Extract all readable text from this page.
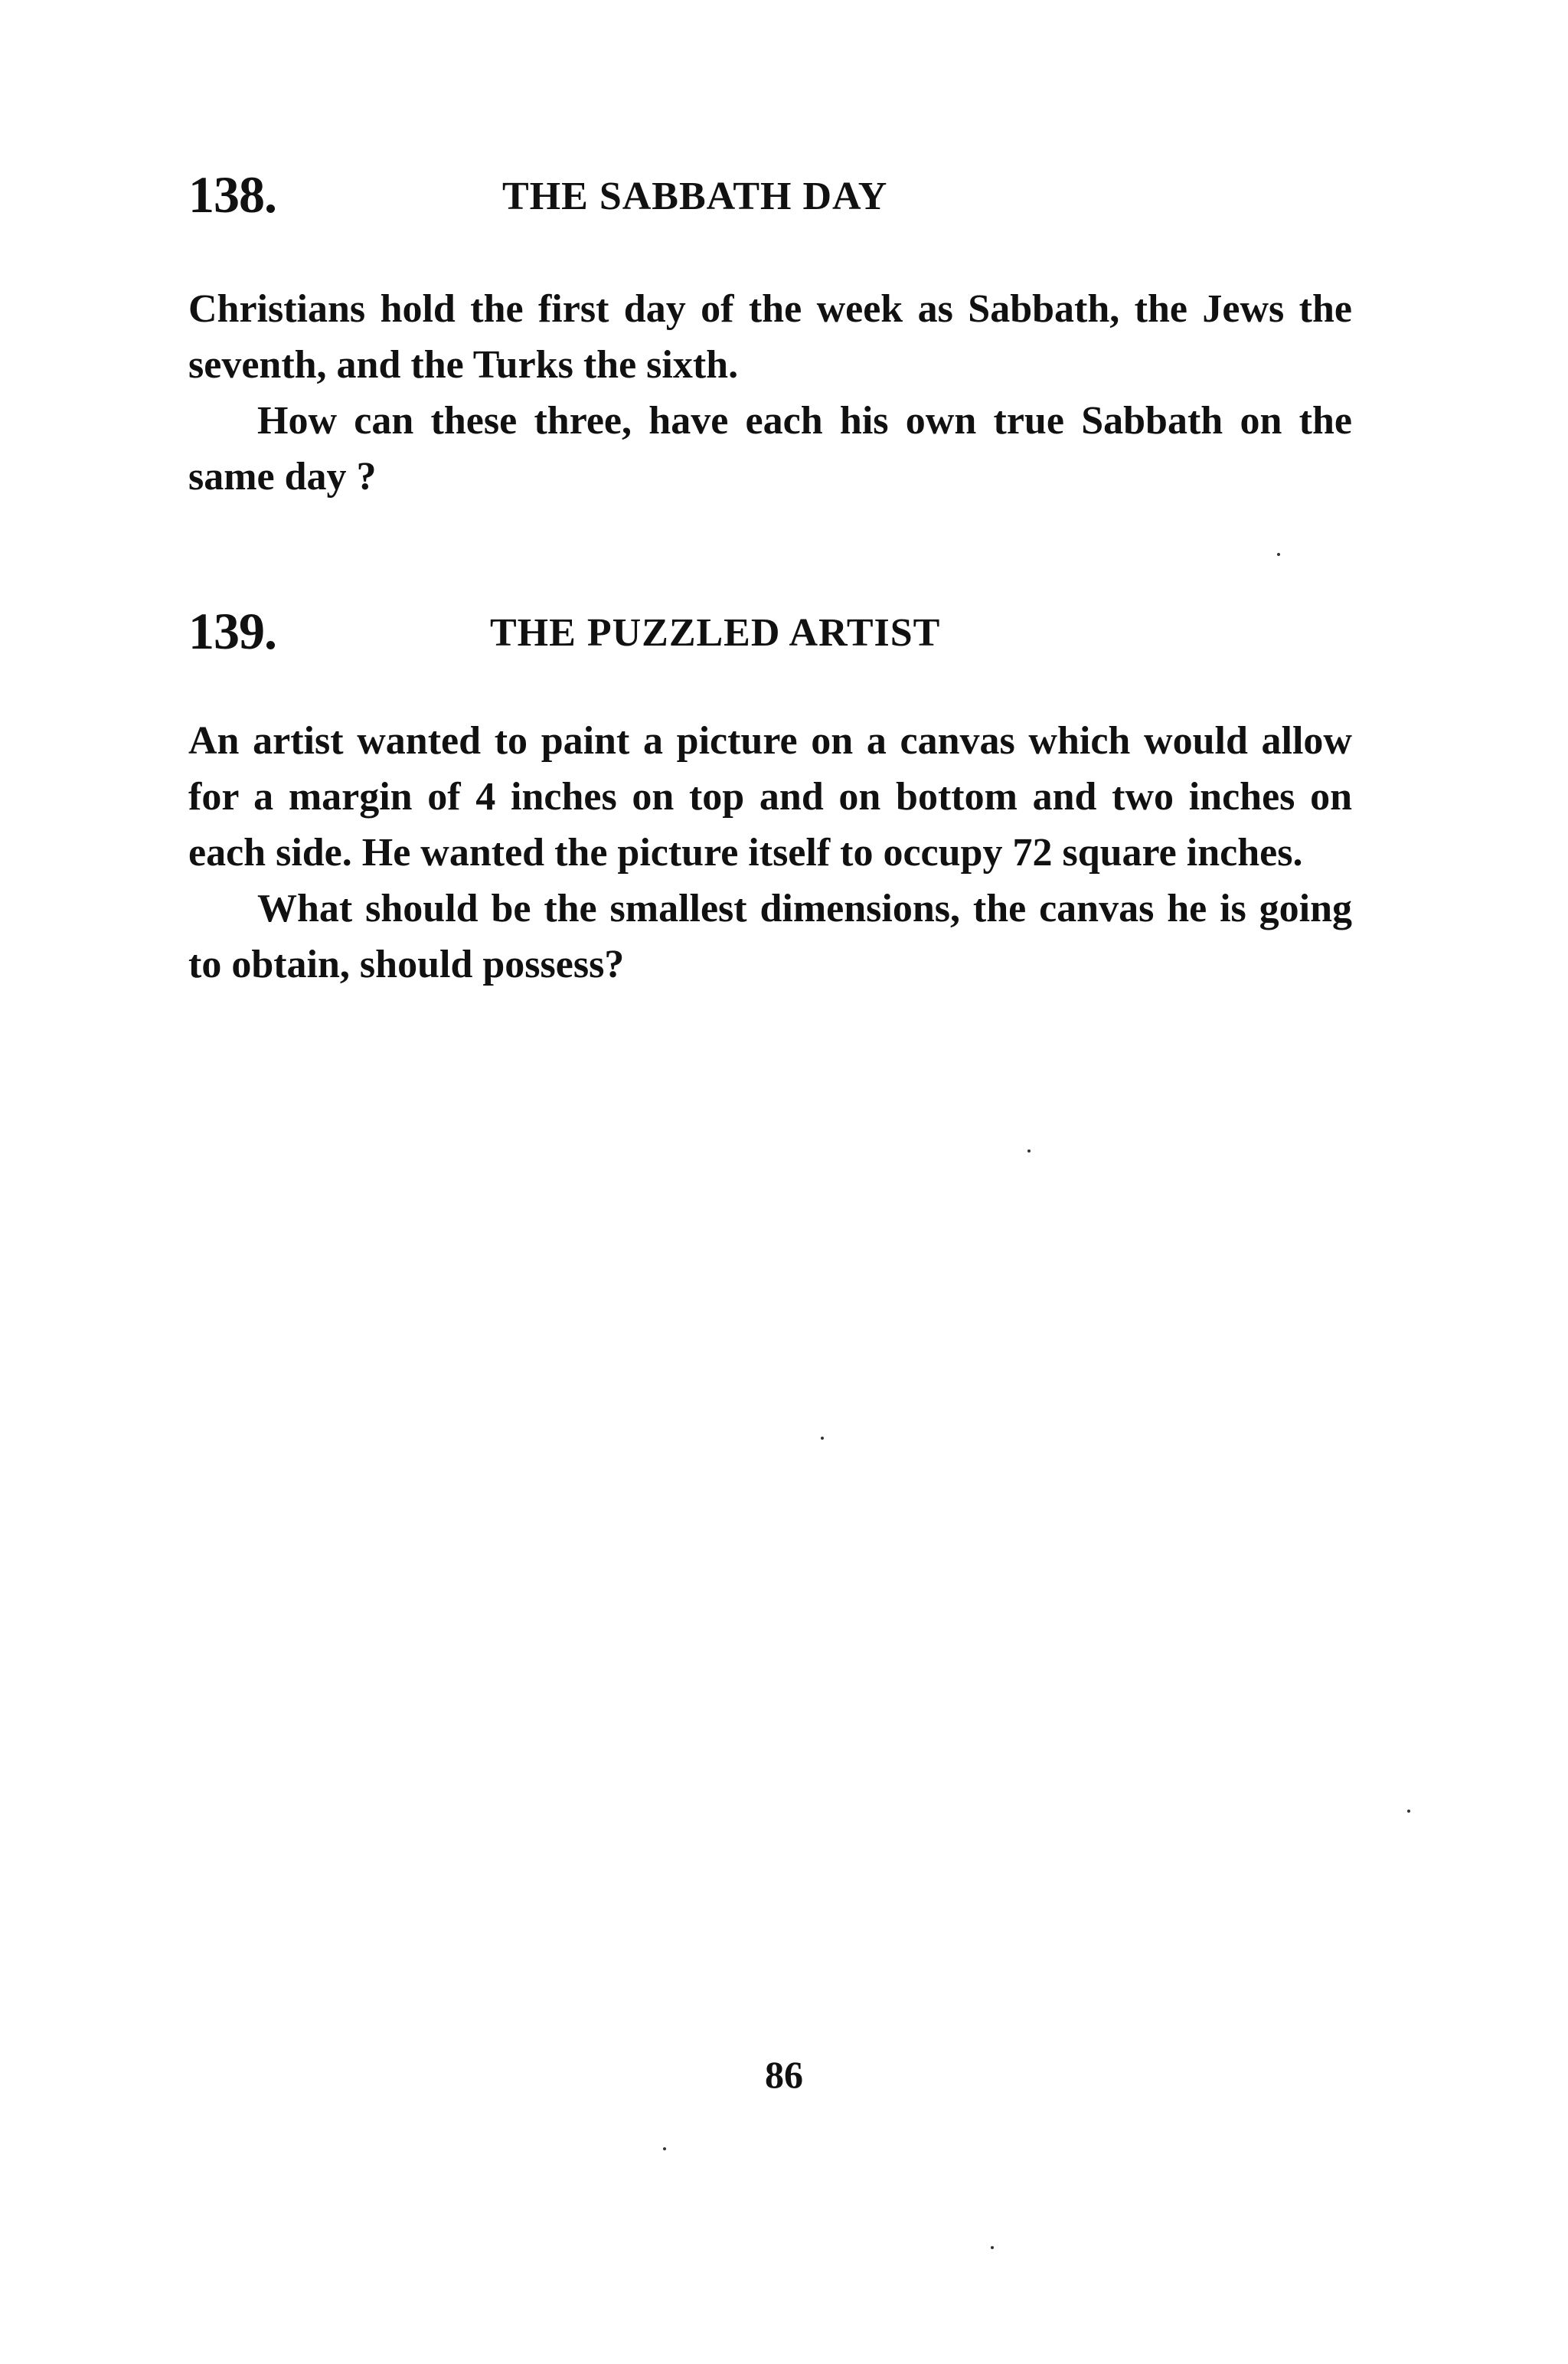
138.	THE SABBATH DAY

Christians hold the first day of the week as Sabbath, the Jews the seventh, and the Turks the sixth.

How can these three, have each his own true Sabbath on the same day ?

139.	THE PUZZLED ARTIST

An artist wanted to paint a picture on a canvas which would allow for a margin of 4 inches on top and on bottom and two inches on each side. He wanted the picture itself to occupy 72 square inches.

What should be the smallest dimensions, the canvas he is going to obtain, should possess?

86
